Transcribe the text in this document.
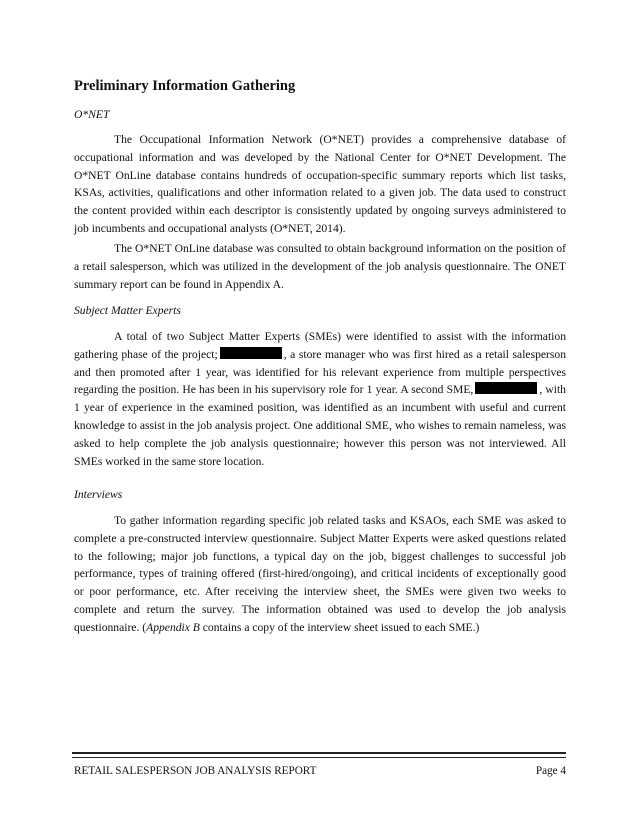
Preliminary Information Gathering
O*NET

The Occupational Information Network (O*NET) provides a comprehensive database of occupational information and was developed by the National Center for O*NET Development. The O*NET OnLine database contains hundreds of occupation-specific summary reports which list tasks, KSAs, activities, qualifications and other information related to a given job. The data used to construct the content provided within each descriptor is consistently updated by ongoing surveys administered to job incumbents and occupational analysts (O*NET, 2014).

The O*NET OnLine database was consulted to obtain background information on the position of a retail salesperson, which was utilized in the development of the job analysis questionnaire. The ONET summary report can be found in Appendix A.

Subject Matter Experts

A total of two Subject Matter Experts (SMEs) were identified to assist with the information gathering phase of the project;	, a store manager who was first hired as a retail salesperson and then promoted after 1 year, was identified for his relevant experience from multiple perspectives regarding the position. He has been in his supervisory role for 1 year. A second SME,	, with 1 year of experience in the examined position, was identified as an incumbent with useful and current knowledge to assist in the job analysis project. One additional SME, who wishes to remain nameless, was asked to help complete the job analysis questionnaire; however this person was not interviewed. All SMEs worked in the same store location.

Interviews

To gather information regarding specific job related tasks and KSAOs, each SME was asked to complete a pre-constructed interview questionnaire. Subject Matter Experts were asked questions related to the following; major job functions, a typical day on the job, biggest challenges to successful job performance, types of training offered (first-hired/ongoing), and critical incidents of exceptionally good or poor performance, etc. After receiving the interview sheet, the SMEs were given two weeks to complete and return the survey. The information obtained was used to develop the job analysis questionnaire. (Appendix B contains a copy of the interview sheet issued to each SME.)

RETAIL SALESPERSON JOB ANALYSIS REPORT	Page 4
